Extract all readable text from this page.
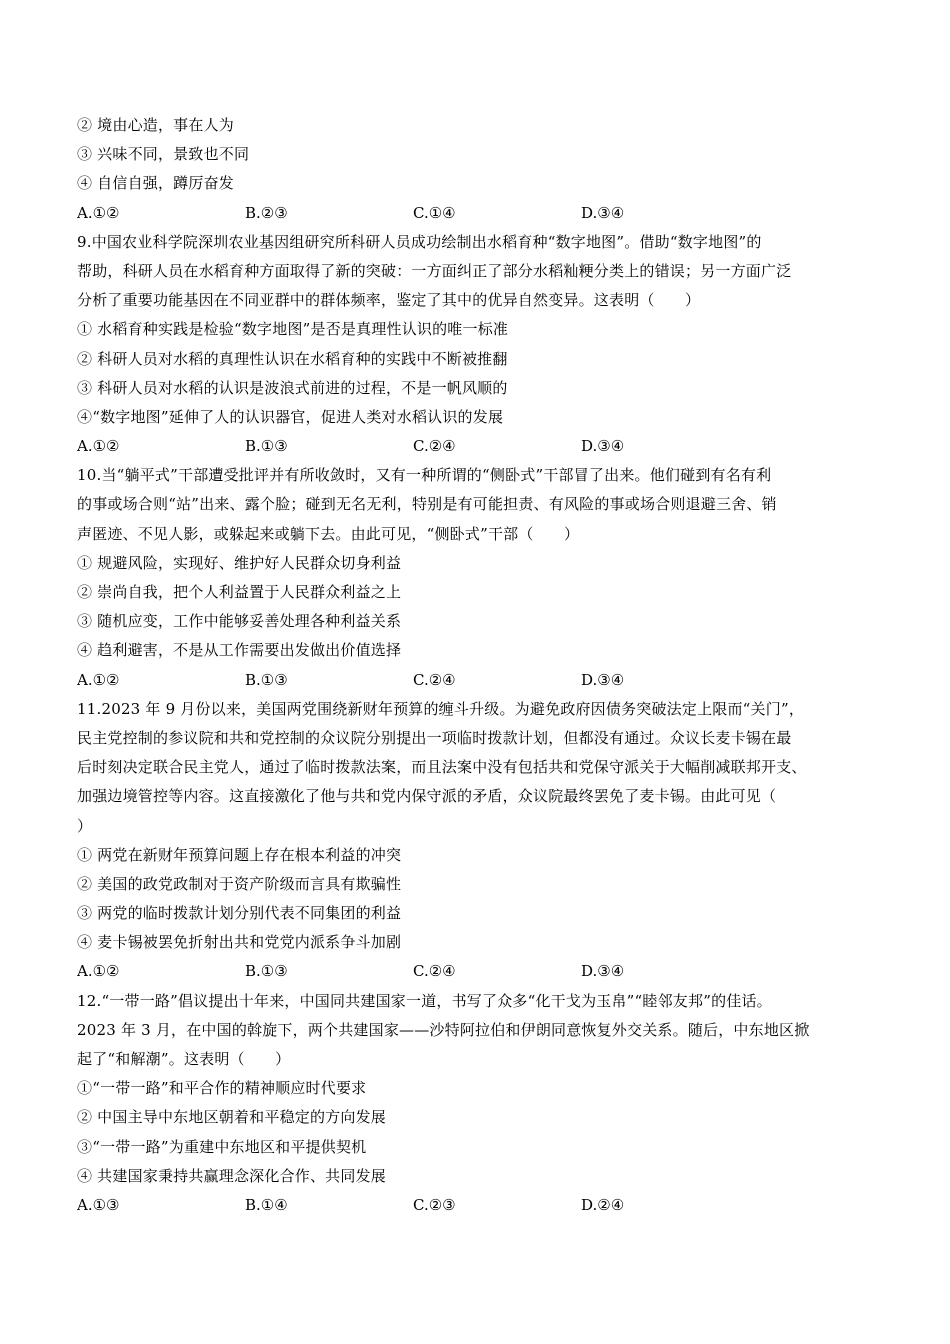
② 境由心造，事在人为
③ 兴味不同，景致也不同
④ 自信自强，蹲厉奋发
A.①②	B.②③	C.①④	D.③④
9.中国农业科学院深圳农业基因组研究所科研人员成功绘制出水稻育种“数字地图”。借助“数字地图”的
帮助，科研人员在水稻育种方面取得了新的突破：一方面纠正了部分水稻籼粳分类上的错误；另一方面广泛
分析了重要功能基因在不同亚群中的群体频率，鉴定了其中的优异自然变异。这表明（　　）
① 水稻育种实践是检验“数字地图”是否是真理性认识的唯一标准
② 科研人员对水稻的真理性认识在水稻育种的实践中不断被推翻
③ 科研人员对水稻的认识是波浪式前进的过程，不是一帆风顺的
④“数字地图”延伸了人的认识器官，促进人类对水稻认识的发展
A.①②	B.①③	C.②④	D.③④
10.当“躺平式”干部遭受批评并有所收敛时，又有一种所谓的“侧卧式”干部冒了出来。他们碰到有名有利
的事或场合则“站”出来、露个脸；碰到无名无利，特别是有可能担责、有风险的事或场合则退避三舍、销
声匿迹、不见人影，或躲起来或躺下去。由此可见，“侧卧式”干部（　　）
① 规避风险，实现好、维护好人民群众切身利益
② 崇尚自我，把个人利益置于人民群众利益之上
③ 随机应变，工作中能够妥善处理各种利益关系
④ 趋利避害，不是从工作需要出发做出价值选择
A.①②	B.①③	C.②④	D.③④
11.2023 年 9 月份以来，美国两党围绕新财年预算的缠斗升级。为避免政府因债务突破法定上限而“关门”，
民主党控制的参议院和共和党控制的众议院分别提出一项临时拨款计划，但都没有通过。众议长麦卡锡在最
后时刻决定联合民主党人，通过了临时拨款法案，而且法案中没有包括共和党保守派关于大幅削减联邦开支、
加强边境管控等内容。这直接激化了他与共和党内保守派的矛盾，众议院最终罢免了麦卡锡。由此可见（
）
① 两党在新财年预算问题上存在根本利益的冲突
② 美国的政党政制对于资产阶级而言具有欺骗性
③ 两党的临时拨款计划分别代表不同集团的利益
④ 麦卡锡被罢免折射出共和党党内派系争斗加剧
A.①②	B.①③	C.②④	D.③④
12.“一带一路”倡议提出十年来，中国同共建国家一道，书写了众多“化干戈为玉帛”“睦邻友邦”的佳话。
2023 年 3 月，在中国的斡旋下，两个共建国家——沙特阿拉伯和伊朗同意恢复外交关系。随后，中东地区掀
起了“和解潮”。这表明（　　）
①“一带一路”和平合作的精神顺应时代要求
② 中国主导中东地区朝着和平稳定的方向发展
③“一带一路”为重建中东地区和平提供契机
④ 共建国家秉持共赢理念深化合作、共同发展
A.①③	B.①④	C.②③	D.②④
